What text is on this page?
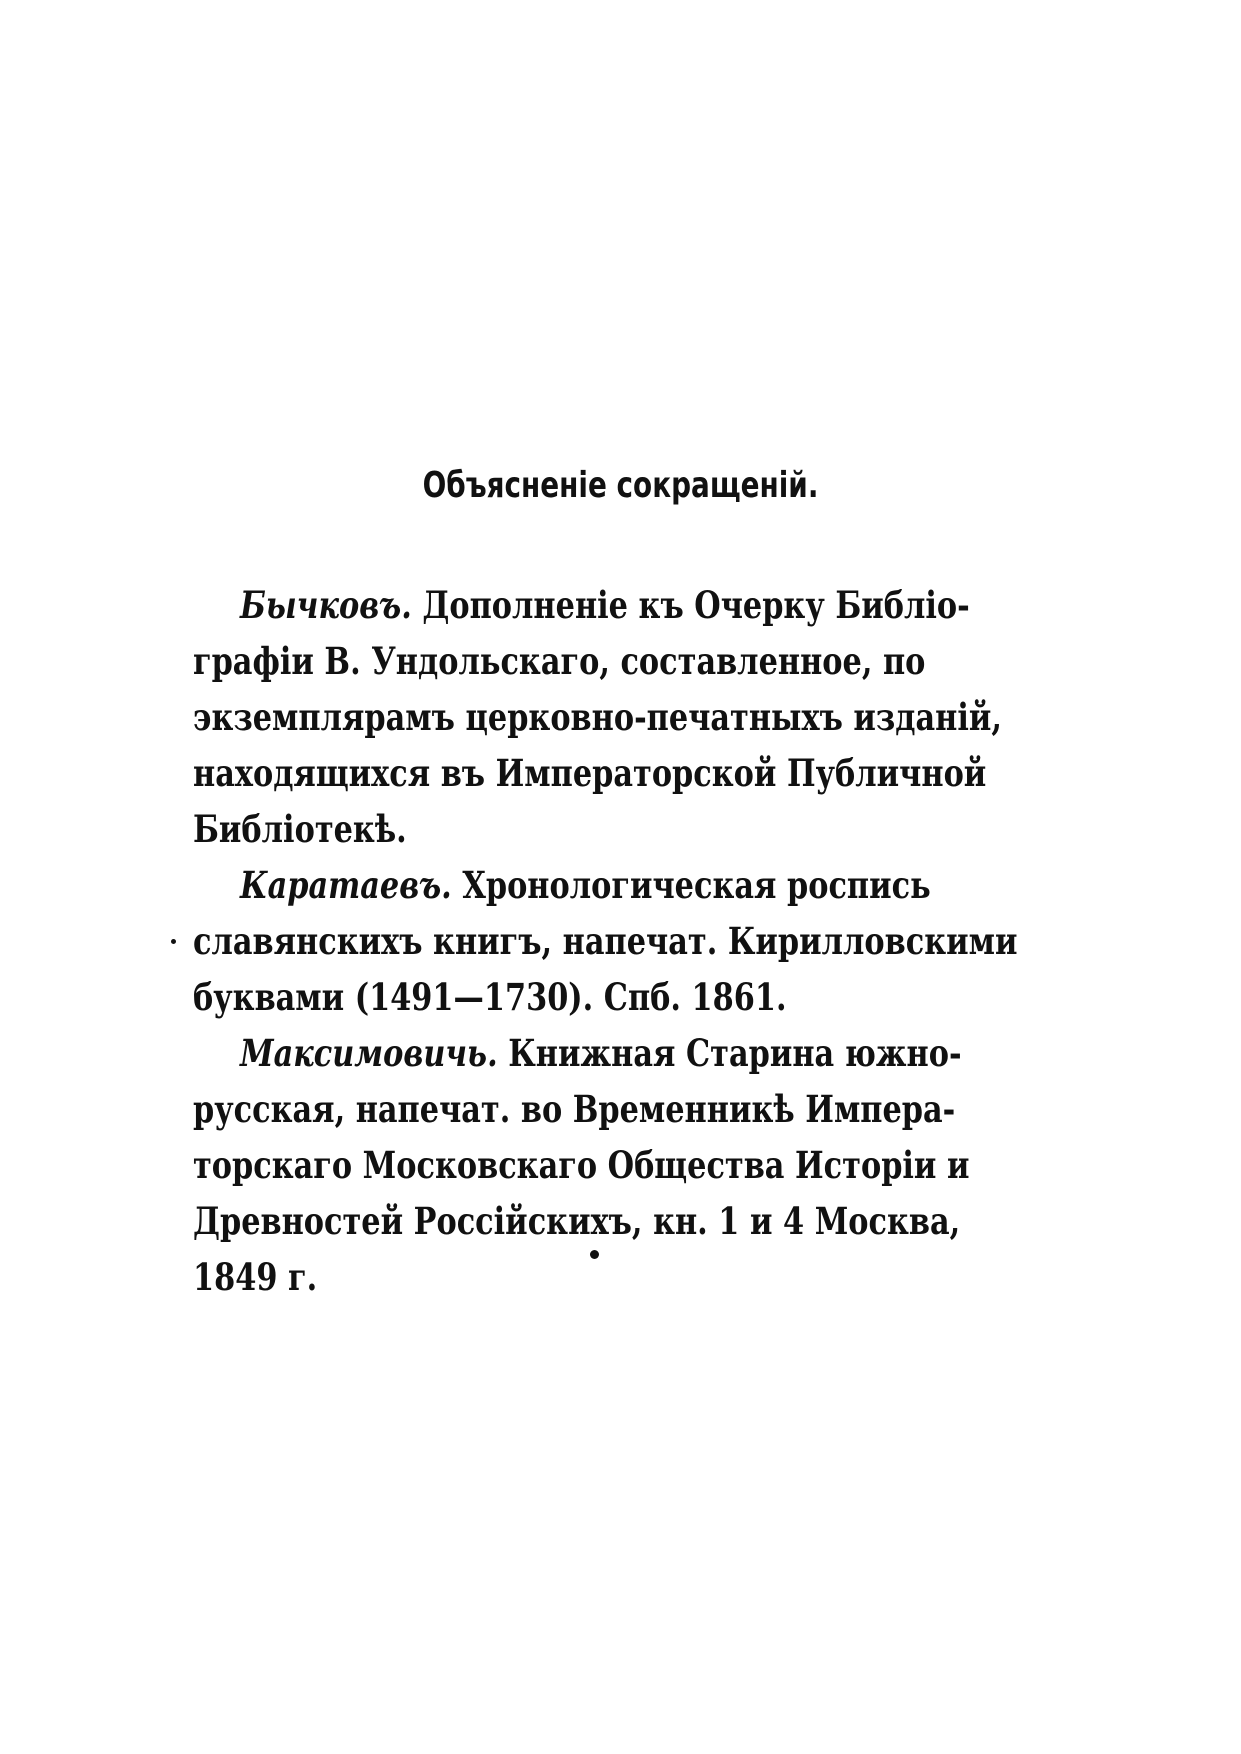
Объясненіе сокращеній.
Бычковъ. Дополненіе къ Очерку Библіо-
графіи В. Ундольскаго, составленное, по
экземплярамъ церковно-печатныхъ изданій,
находящихся въ Императорской Публичной
Библіотекѣ.
Каратаевъ. Хронологическая роспись
славянскихъ книгъ, напечат. Кирилловскими
буквами (1491—1730). Спб. 1861.
Максимовичь. Книжная Старина южно-
русская, напечат. во Временникѣ Импера-
торскаго Московскаго Общества Исторіи и
Древностей Россійскихъ, кн. 1 и 4 Москва,
1849 г.
